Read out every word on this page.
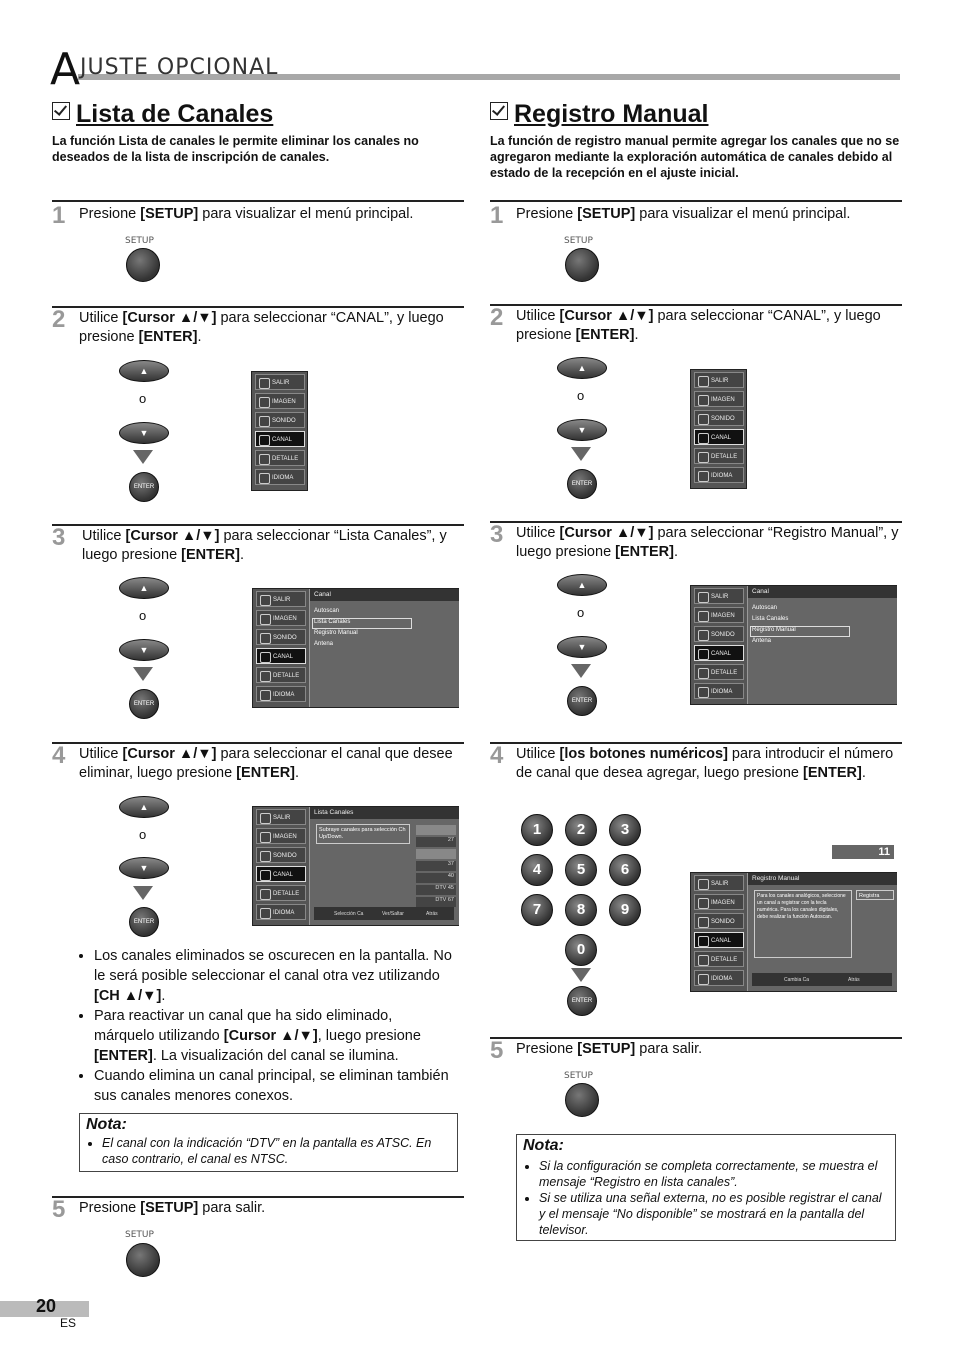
A JUSTE OPCIONAL
Lista de Canales
La función Lista de canales le permite eliminar los canales no deseados de la lista de inscripción de canales.
1 Presione [SETUP] para visualizar el menú principal.
SETUP
2 Utilice [Cursor ▲/▼] para seleccionar “CANAL”, y luego presione [ENTER].
▲
o
▼
ENTER
SALIR
IMAGEN
SONIDO
CANAL
DETALLE
IDIOMA
3 Utilice [Cursor ▲/▼] para seleccionar “Lista Canales”, y luego presione [ENTER].
▲
o
▼
ENTER
SALIR
IMAGEN
SONIDO
CANAL
DETALLE
IDIOMA
Canal
Autoscan
Lista Canales
Registro Manual
Antena
4 Utilice [Cursor ▲/▼] para seleccionar el canal que desee eliminar, luego presione [ENTER].
▲
o
▼
ENTER
SALIR
IMAGEN
SONIDO
CANAL
DETALLE
IDIOMA
Lista Canales
Subraye canales para selección Ch Up/Down.	27
37
40
DTV 45
DTV 67
Selección Ca	Ver/Saltar	Atrás
• Los canales eliminados se oscurecen en la pantalla. No le será posible seleccionar el canal otra vez utilizando [CH ▲/▼].
• Para reactivar un canal que ha sido eliminado, márquelo utilizando [Cursor ▲/▼], luego presione [ENTER]. La visualización del canal se ilumina.
• Cuando elimina un canal principal, se eliminan también sus canales menores conexos.
Nota:
• El canal con la indicación “DTV” en la pantalla es ATSC. En caso contrario, el canal es NTSC.
5 Presione [SETUP] para salir.
SETUP
Registro Manual
La función de registro manual permite agregar los canales que no se agregaron mediante la exploración automática de canales debido al estado de la recepción en el ajuste inicial.
1 Presione [SETUP] para visualizar el menú principal.
SETUP
2 Utilice [Cursor ▲/▼] para seleccionar “CANAL”, y luego presione [ENTER].
▲
o
▼
ENTER
SALIR
IMAGEN
SONIDO
CANAL
DETALLE
IDIOMA
3 Utilice [Cursor ▲/▼] para seleccionar “Registro Manual”, y luego presione [ENTER].
▲
o
▼
ENTER
SALIR
IMAGEN
SONIDO
CANAL
DETALLE
IDIOMA
Canal
Autoscan
Lista Canales
Registro Manual
Antena
4 Utilice [los botones numéricos] para introducir el número de canal que desea agregar, luego presione [ENTER].
1	2	3
4	5	6
7	8	9
0
ENTER
11
SALIR
IMAGEN
SONIDO
CANAL
DETALLE
IDIOMA
Registro Manual
Para los canales analógicos, seleccione un canal a registrar con la tecla numérica. Para los canales digitales, debe realizar la función Autoscan.
Registra
Cambia Ca	Atrás
5 Presione [SETUP] para salir.
SETUP
Nota:
• Si la configuración se completa correctamente, se muestra el mensaje “Registro en lista canales”.
• Si se utiliza una señal externa, no es posible registrar el canal y el mensaje “No disponible” se mostrará en la pantalla del televisor.
20
ES
